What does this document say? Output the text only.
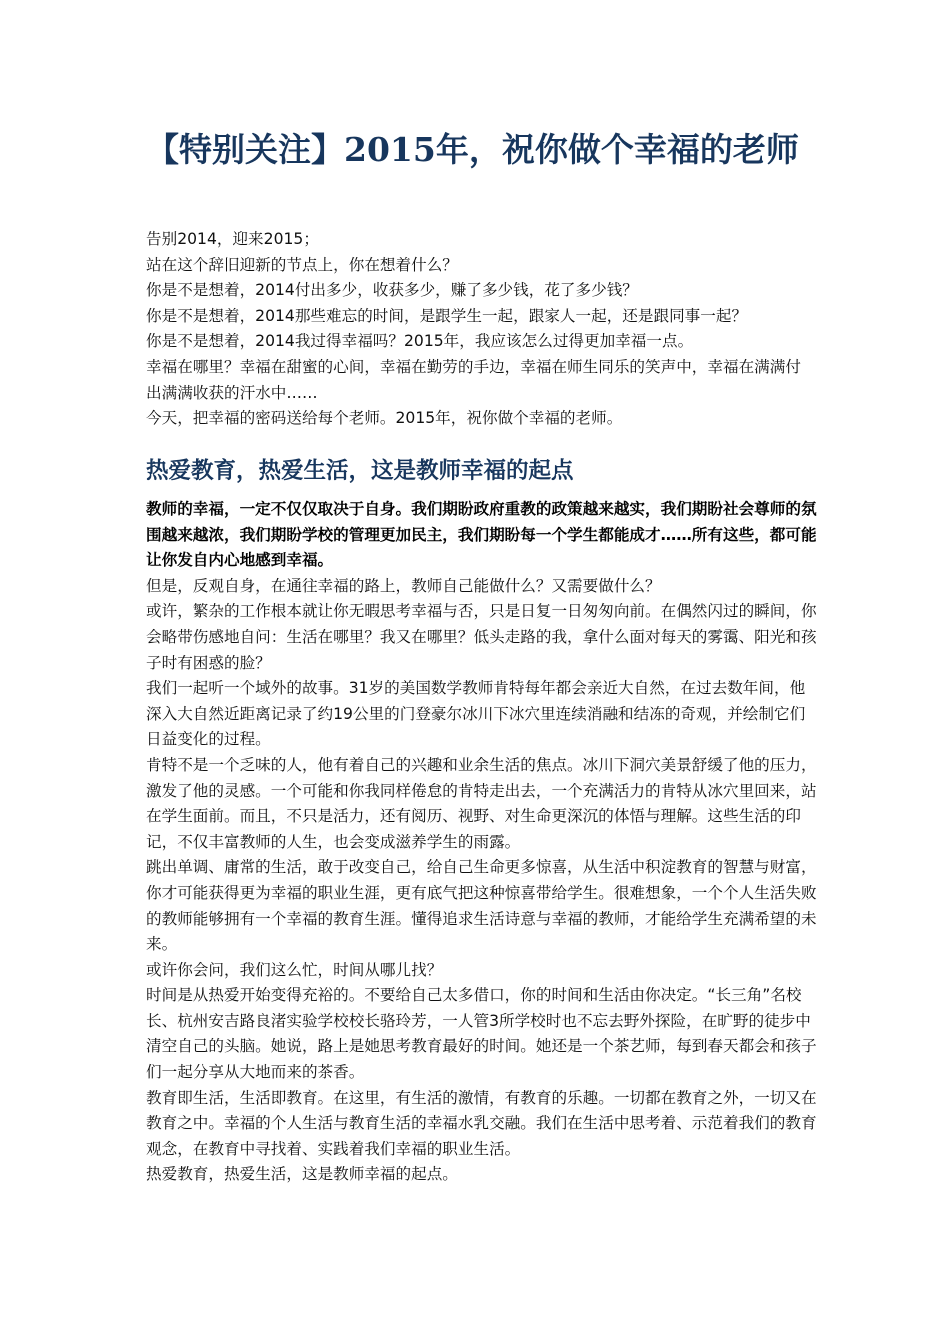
【特别关注】2015年，祝你做个幸福的老师

告别2014，迎来2015；

站在这个辞旧迎新的节点上，你在想着什么？

你是不是想着，2014付出多少，收获多少，赚了多少钱，花了多少钱？

你是不是想着，2014那些难忘的时间，是跟学生一起，跟家人一起，还是跟同事一起？

你是不是想着，2014我过得幸福吗？2015年，我应该怎么过得更加幸福一点。

幸福在哪里？幸福在甜蜜的心间，幸福在勤劳的手边，幸福在师生同乐的笑声中，幸福在满满付出满满收获的汗水中……

今天，把幸福的密码送给每个老师。2015年，祝你做个幸福的老师。

热爱教育，热爱生活，这是教师幸福的起点

教师的幸福，一定不仅仅取决于自身。我们期盼政府重教的政策越来越实，我们期盼社会尊师的氛围越来越浓，我们期盼学校的管理更加民主，我们期盼每一个学生都能成才……所有这些，都可能让你发自内心地感到幸福。

但是，反观自身，在通往幸福的路上，教师自己能做什么？又需要做什么？

或许，繁杂的工作根本就让你无暇思考幸福与否，只是日复一日匆匆向前。在偶然闪过的瞬间，你会略带伤感地自问：生活在哪里？我又在哪里？低头走路的我，拿什么面对每天的雾霭、阳光和孩子时有困惑的脸？

我们一起听一个域外的故事。31岁的美国数学教师肯特每年都会亲近大自然，在过去数年间，他深入大自然近距离记录了约19公里的门登豪尔冰川下冰穴里连续消融和结冻的奇观，并绘制它们日益变化的过程。

肯特不是一个乏味的人，他有着自己的兴趣和业余生活的焦点。冰川下洞穴美景舒缓了他的压力，激发了他的灵感。一个可能和你我同样倦怠的肯特走出去，一个充满活力的肯特从冰穴里回来，站在学生面前。而且，不只是活力，还有阅历、视野、对生命更深沉的体悟与理解。这些生活的印记，不仅丰富教师的人生，也会变成滋养学生的雨露。

跳出单调、庸常的生活，敢于改变自己，给自己生命更多惊喜，从生活中积淀教育的智慧与财富，你才可能获得更为幸福的职业生涯，更有底气把这种惊喜带给学生。很难想象，一个个人生活失败的教师能够拥有一个幸福的教育生涯。懂得追求生活诗意与幸福的教师，才能给学生充满希望的未来。

或许你会问，我们这么忙，时间从哪儿找？

时间是从热爱开始变得充裕的。不要给自己太多借口，你的时间和生活由你决定。“长三角”名校长、杭州安吉路良渚实验学校校长骆玲芳，一人管3所学校时也不忘去野外探险，在旷野的徒步中清空自己的头脑。她说，路上是她思考教育最好的时间。她还是一个茶艺师，每到春天都会和孩子们一起分享从大地而来的茶香。

教育即生活，生活即教育。在这里，有生活的激情，有教育的乐趣。一切都在教育之外，一切又在教育之中。幸福的个人生活与教育生活的幸福水乳交融。我们在生活中思考着、示范着我们的教育观念，在教育中寻找着、实践着我们幸福的职业生活。

热爱教育，热爱生活，这是教师幸福的起点。
